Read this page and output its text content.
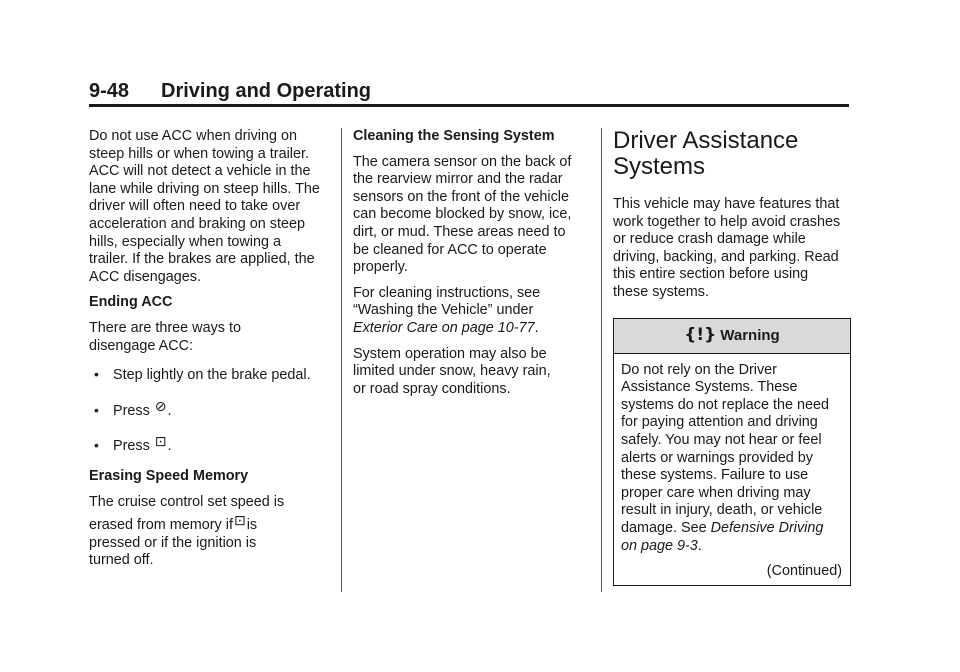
9-48 Driving and Operating

Do not use ACC when driving on
steep hills or when towing a trailer.
ACC will not detect a vehicle in the
lane while driving on steep hills. The
driver will often need to take over
acceleration and braking on steep
hills, especially when towing a
trailer. If the brakes are applied, the
ACC disengages.

Ending ACC

There are three ways to
disengage ACC:

• Step lightly on the brake pedal.
• Press ⊘.
• Press ⊡.
Erasing Speed Memory

The cruise control set speed is
erased from memory if⊡is
pressed or if the ignition is
turned off.

Cleaning the Sensing System

The camera sensor on the back of
the rearview mirror and the radar
sensors on the front of the vehicle
can become blocked by snow, ice,
dirt, or mud. These areas need to
be cleaned for ACC to operate
properly.

For cleaning instructions, see
“Washing the Vehicle” under
Exterior Care on page 10-77.

System operation may also be
limited under snow, heavy rain,
or road spray conditions.

Driver Assistance
Systems

This vehicle may have features that
work together to help avoid crashes
or reduce crash damage while
driving, backing, and parking. Read
this entire section before using
these systems.

{!} Warning
Do not rely on the Driver
Assistance Systems. These
systems do not replace the need
for paying attention and driving
safely. You may not hear or feel
alerts or warnings provided by
these systems. Failure to use
proper care when driving may
result in injury, death, or vehicle
damage. See Defensive Driving
on page 9-3.
(Continued)
